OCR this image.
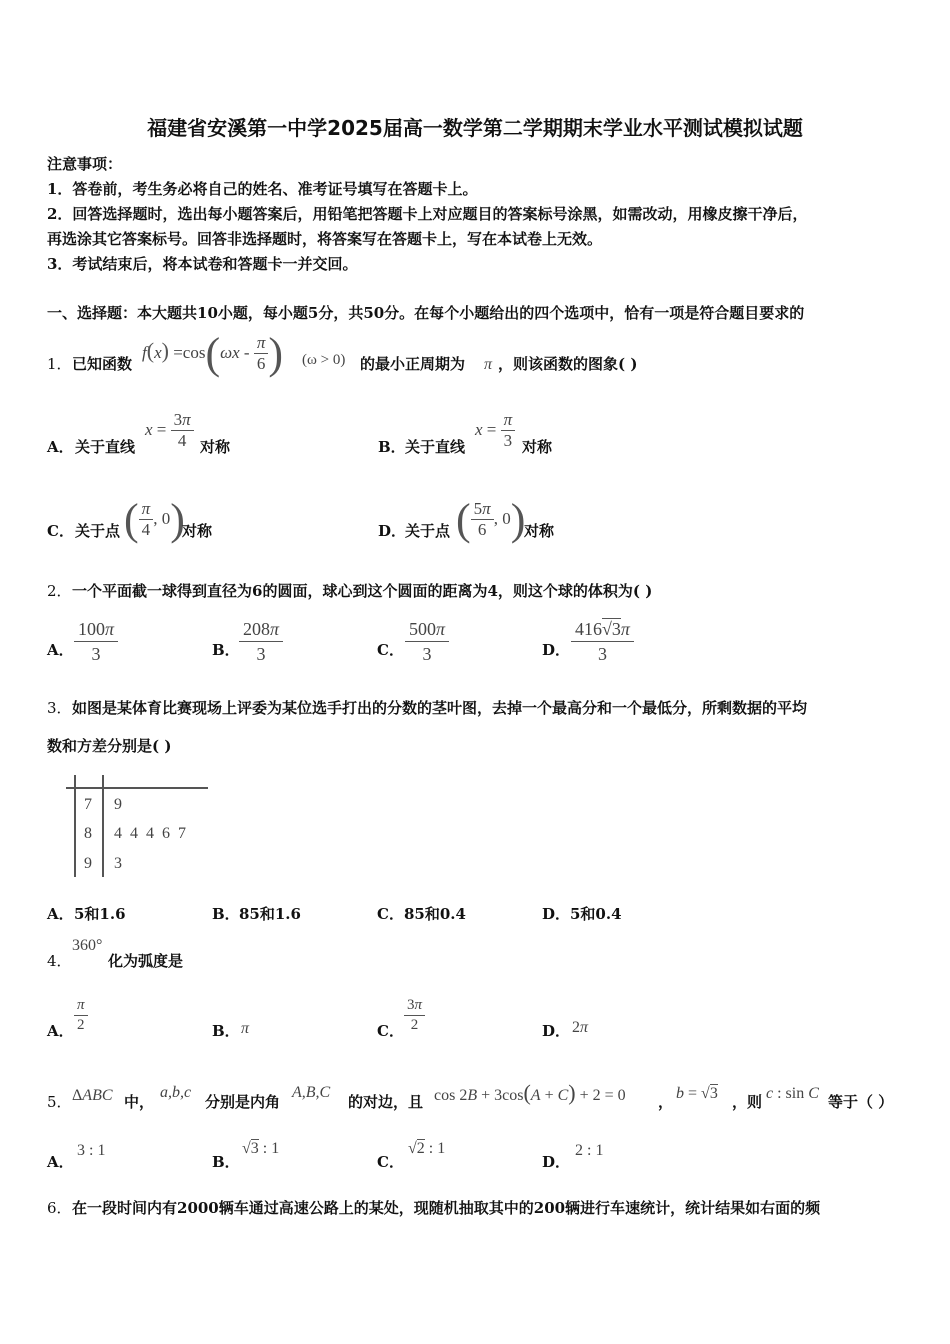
福建省安溪第一中学2025届高一数学第二学期期末学业水平测试模拟试题
注意事项：
1．答卷前，考生务必将自己的姓名、准考证号填写在答题卡上。
2．回答选择题时，选出每小题答案后，用铅笔把答题卡上对应题目的答案标号涂黑，如需改动，用橡皮擦干净后，
再选涂其它答案标号。回答非选择题时，将答案写在答题卡上，写在本试卷上无效。
3．考试结束后，将本试卷和答题卡一并交回。
一、选择题：本大题共10小题，每小题5分，共50分。在每个小题给出的四个选项中，恰有一项是符合题目要求的
1． 已知函数
$f(x) =\cos(\omega x - \frac{\pi}{6}$ ) (ω > 0) 的最小正周期为 π ，则该函数的图象( )
A． 关于直线
$x = \frac{3\pi}{4}$ 对称	B． 关于直线
$x = \frac{\pi}{3}$ 对称
C． 关于点 ( $\frac{\pi}{4}$ , 0)
对称	D．
关于点 ( $\frac{5\pi}{6}$ , 0)
对称
2． 一个平面截一球得到直径为6的圆面，球心到这个圆面的距离为4，则这个球的体积为( )
A． $\frac{100\pi}{3}$	B． $\frac{208\pi}{3}$	C． $\frac{500\pi}{3}$	D． $\frac{416√3\pi}{3}$
3． 如图是某体育比赛现场上评委为某位选手打出的分数的茎叶图，去掉一个最高分和一个最低分，所剩数据的平均
数和方差分别是( )
7 9
8 4 4 4 6 7
9 3
A． 5和1.6	B． 85和1.6	C． 85和0.4	D． 5和0.4
4．
360°
化为弧度是
A． $\frac{\pi}{2}$	B． π	C． $\frac{3\pi}{2}$	D． 2π
5． ΔABC 中，
a,b,c
分别是内角
A,B,C
的对边，且 cos 2B + 3cos(A + C) + 2 = 0 ， b = √3 ，则 c : sin C 等于（ ）
A．
3 : 1
B．
√3 : 1
C．
√2 : 1
D．
2 : 1
6． 在一段时间内有2000辆车通过高速公路上的某处，现随机抽取其中的200辆进行车速统计，统计结果如右面的频
